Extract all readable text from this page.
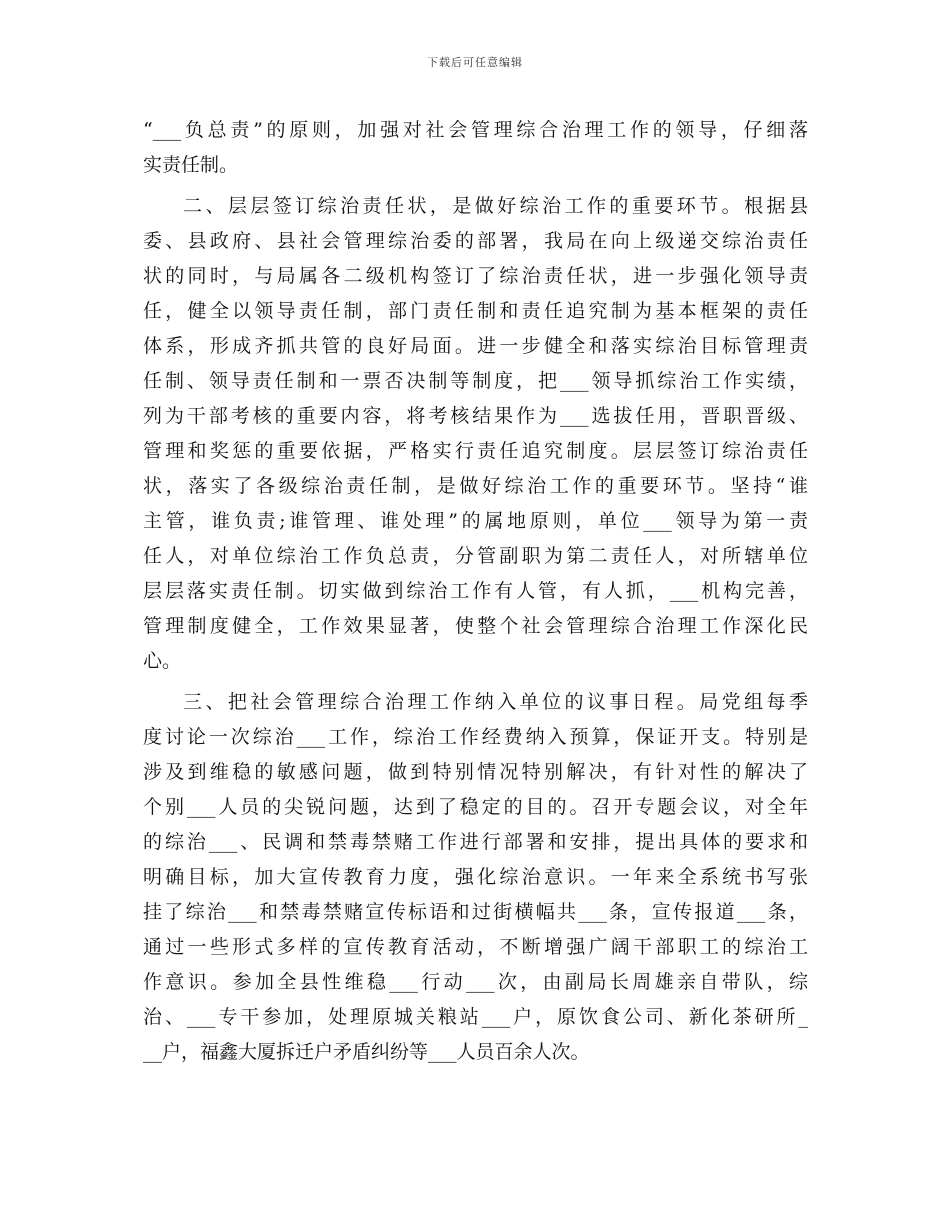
下载后可任意编辑
“___负总责”的原则，加强对社会管理综合治理工作的领导，仔细落
实责任制。
二、层层签订综治责任状，是做好综治工作的重要环节。根据县
委、县政府、县社会管理综治委的部署，我局在向上级递交综治责任
状的同时，与局属各二级机构签订了综治责任状，进一步强化领导责
任，健全以领导责任制，部门责任制和责任追究制为基本框架的责任
体系，形成齐抓共管的良好局面。进一步健全和落实综治目标管理责
任制、领导责任制和一票否决制等制度，把___领导抓综治工作实绩，
列为干部考核的重要内容，将考核结果作为___选拔任用，晋职晋级、
管理和奖惩的重要依据，严格实行责任追究制度。层层签订综治责任
状，落实了各级综治责任制，是做好综治工作的重要环节。坚持“谁
主管，谁负责;谁管理、谁处理”的属地原则，单位___领导为第一责
任人，对单位综治工作负总责，分管副职为第二责任人，对所辖单位
层层落实责任制。切实做到综治工作有人管，有人抓，___机构完善，
管理制度健全，工作效果显著，使整个社会管理综合治理工作深化民
心。
三、把社会管理综合治理工作纳入单位的议事日程。局党组每季
度讨论一次综治___工作，综治工作经费纳入预算，保证开支。特别是
涉及到维稳的敏感问题，做到特别情况特别解决，有针对性的解决了
个别___人员的尖锐问题，达到了稳定的目的。召开专题会议，对全年
的综治___、民调和禁毒禁赌工作进行部署和安排，提出具体的要求和
明确目标，加大宣传教育力度，强化综治意识。一年来全系统书写张
挂了综治___和禁毒禁赌宣传标语和过街横幅共___条，宣传报道___条，
通过一些形式多样的宣传教育活动，不断增强广阔干部职工的综治工
作意识。参加全县性维稳___行动___次，由副局长周雄亲自带队，综
治、___专干参加，处理原城关粮站___户，原饮食公司、新化茶研所_
__户，福鑫大厦拆迁户矛盾纠纷等___人员百余人次。
